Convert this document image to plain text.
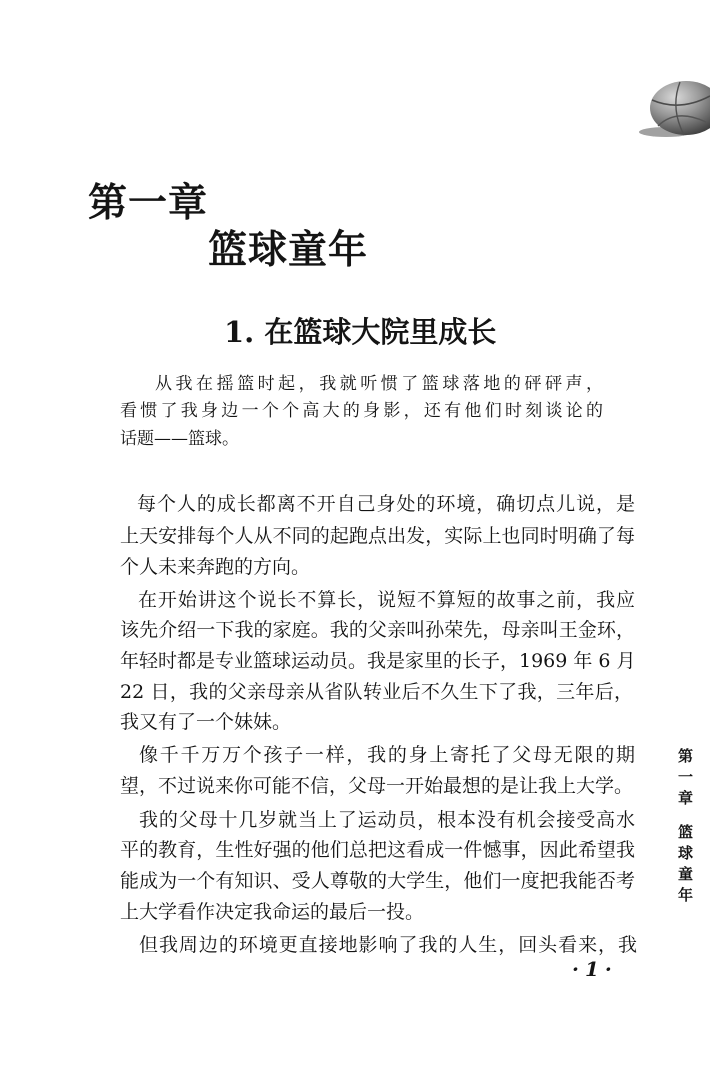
第一章
篮球童年
1. 在篮球大院里成长
从我在摇篮时起，我就听惯了篮球落地的砰砰声，
看惯了我身边一个个高大的身影，还有他们时刻谈论的
话题——篮球。
每个人的成长都离不开自己身处的环境，确切点儿说，是
上天安排每个人从不同的起跑点出发，实际上也同时明确了每
个人未来奔跑的方向。
在开始讲这个说长不算长，说短不算短的故事之前，我应
该先介绍一下我的家庭。我的父亲叫孙荣先，母亲叫王金环，
年轻时都是专业篮球运动员。我是家里的长子，1969 年 6 月
22 日，我的父亲母亲从省队转业后不久生下了我，三年后，
我又有了一个妹妹。
像千千万万个孩子一样，我的身上寄托了父母无限的期
望，不过说来你可能不信，父母一开始最想的是让我上大学。
我的父母十几岁就当上了运动员，根本没有机会接受高水
平的教育，生性好强的他们总把这看成一件憾事，因此希望我
能成为一个有知识、受人尊敬的大学生，他们一度把我能否考
上大学看作决定我命运的最后一投。
但我周边的环境更直接地影响了我的人生，回头看来，我
第一章
篮球童年
·1·
